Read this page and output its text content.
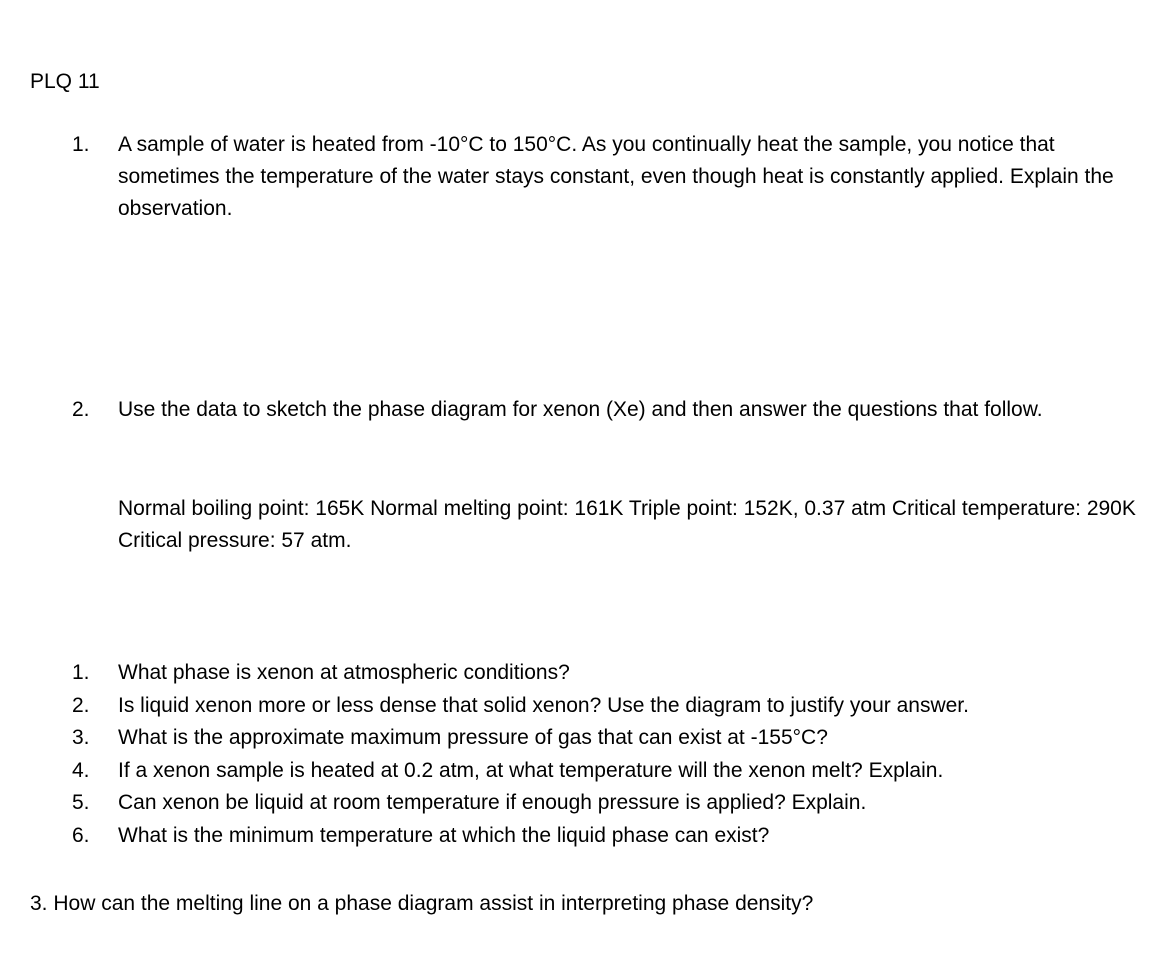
PLQ 11
1.	A sample of water is heated from -10°C to 150°C. As you continually heat the sample, you notice that sometimes the temperature of the water stays constant, even though heat is constantly applied. Explain the observation.
2.	Use the data to sketch the phase diagram for xenon (Xe) and then answer the questions that follow.
Normal boiling point: 165K Normal melting point: 161K Triple point: 152K, 0.37 atm Critical temperature: 290K Critical pressure: 57 atm.
1. What phase is xenon at atmospheric conditions?
2. Is liquid xenon more or less dense that solid xenon? Use the diagram to justify your answer.
3. What is the approximate maximum pressure of gas that can exist at -155°C?
4. If a xenon sample is heated at 0.2 atm, at what temperature will the xenon melt? Explain.
5. Can xenon be liquid at room temperature if enough pressure is applied? Explain.
6. What is the minimum temperature at which the liquid phase can exist?
3. How can the melting line on a phase diagram assist in interpreting phase density?
